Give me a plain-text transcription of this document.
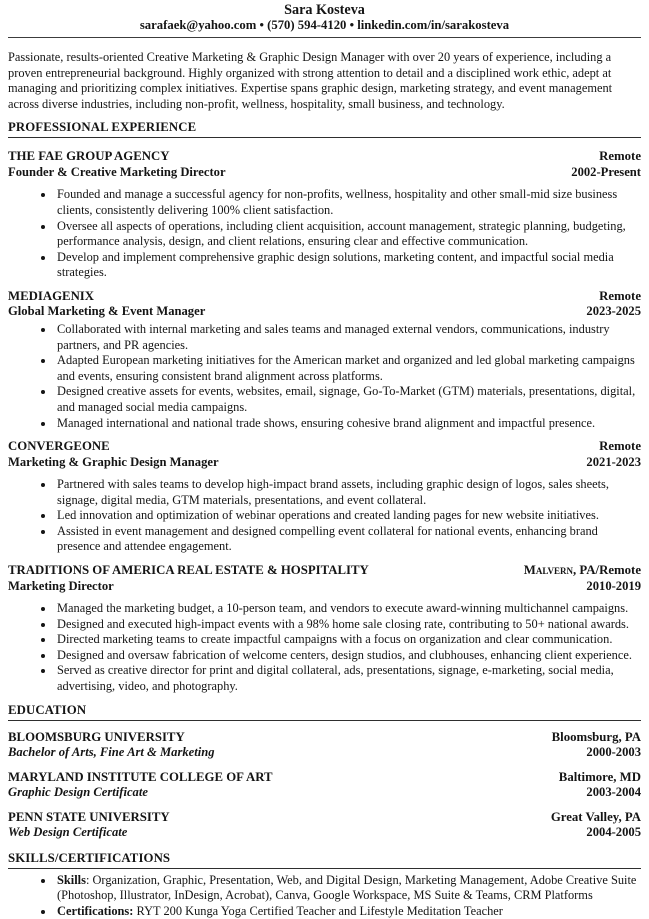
Sara Kosteva
sarafaek@yahoo.com • (570) 594-4120 • linkedin.com/in/sarakosteva

Passionate, results-oriented Creative Marketing & Graphic Design Manager with over 20 years of experience, including a proven entrepreneurial background. Highly organized with strong attention to detail and a disciplined work ethic, adept at managing and prioritizing complex initiatives. Expertise spans graphic design, marketing strategy, and event management across diverse industries, including non-profit, wellness, hospitality, small business, and technology.

PROFESSIONAL EXPERIENCE
THE FAE GROUP AGENCY	Remote
Founder & Creative Marketing Director	2002-Present
• Founded and manage a successful agency for non-profits, wellness, hospitality and other small-mid size business clients, consistently delivering 100% client satisfaction.
• Oversee all aspects of operations, including client acquisition, account management, strategic planning, budgeting, performance analysis, design, and client relations, ensuring clear and effective communication.
• Develop and implement comprehensive graphic design solutions, marketing content, and impactful social media strategies.
MEDIAGENIX	Remote
Global Marketing & Event Manager	2023-2025
• Collaborated with internal marketing and sales teams and managed external vendors, communications, industry partners, and PR agencies.
• Adapted European marketing initiatives for the American market and organized and led global marketing campaigns and events, ensuring consistent brand alignment across platforms.
• Designed creative assets for events, websites, email, signage, Go-To-Market (GTM) materials, presentations, digital, and managed social media campaigns.
• Managed international and national trade shows, ensuring cohesive brand alignment and impactful presence.
CONVERGEONE	Remote
Marketing & Graphic Design Manager	2021-2023
• Partnered with sales teams to develop high-impact brand assets, including graphic design of logos, sales sheets, signage, digital media, GTM materials, presentations, and event collateral.
• Led innovation and optimization of webinar operations and created landing pages for new website initiatives.
• Assisted in event management and designed compelling event collateral for national events, enhancing brand presence and attendee engagement.
TRADITIONS OF AMERICA REAL ESTATE & HOSPITALITY	Malvern, PA/Remote
Marketing Director	2010-2019
• Managed the marketing budget, a 10-person team, and vendors to execute award-winning multichannel campaigns.
• Designed and executed high-impact events with a 98% home sale closing rate, contributing to 50+ national awards.
• Directed marketing teams to create impactful campaigns with a focus on organization and clear communication.
• Designed and oversaw fabrication of welcome centers, design studios, and clubhouses, enhancing client experience.
• Served as creative director for print and digital collateral, ads, presentations, signage, e-marketing, social media, advertising, video, and photography.
EDUCATION
BLOOMSBURG UNIVERSITY	Bloomsburg, PA
Bachelor of Arts, Fine Art & Marketing	2000-2003
MARYLAND INSTITUTE COLLEGE OF ART	Baltimore, MD
Graphic Design Certificate	2003-2004
PENN STATE UNIVERSITY	Great Valley, PA
Web Design Certificate	2004-2005
SKILLS/CERTIFICATIONS
• Skills: Organization, Graphic, Presentation, Web, and Digital Design, Marketing Management, Adobe Creative Suite (Photoshop, Illustrator, InDesign, Acrobat), Canva, Google Workspace, MS Suite & Teams, CRM Platforms
• Certifications: RYT 200 Kunga Yoga Certified Teacher and Lifestyle Meditation Teacher
